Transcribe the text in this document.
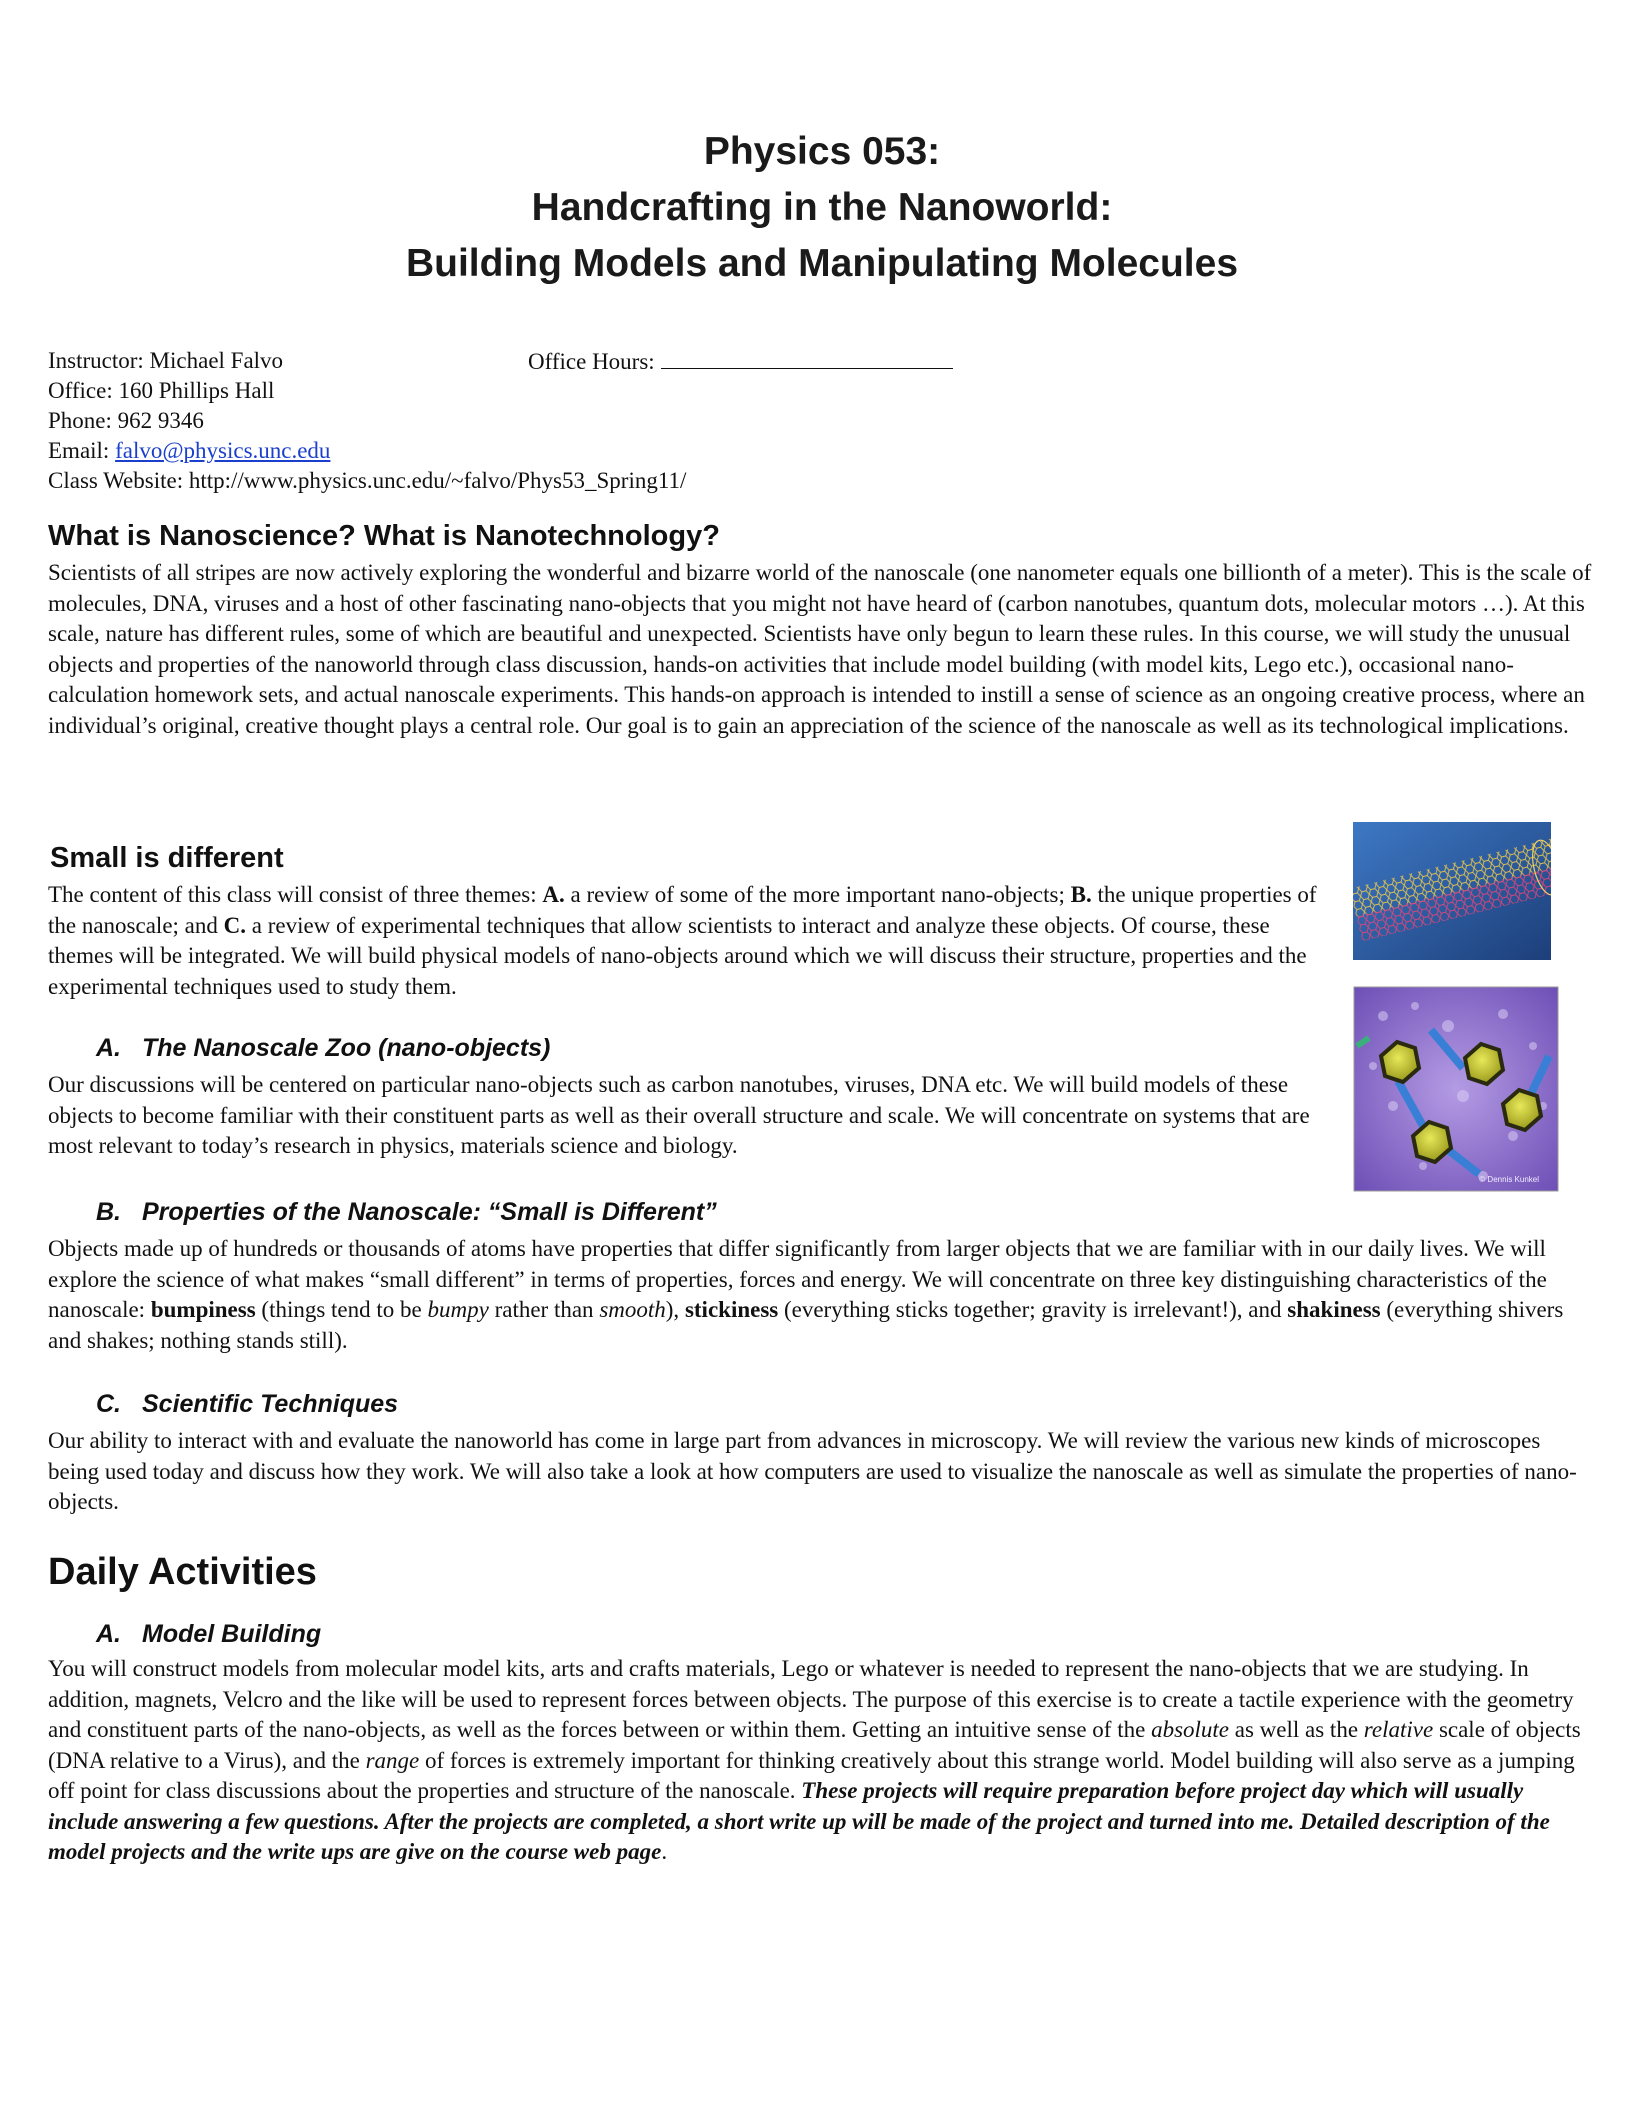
Physics 053:
Handcrafting in the Nanoworld:
Building Models and Manipulating Molecules
Instructor: Michael Falvo	Office Hours:
Office: 160 Phillips Hall
Phone: 962 9346
Email: falvo@physics.unc.edu
Class Website: http://www.physics.unc.edu/~falvo/Phys53_Spring11/
What is Nanoscience? What is Nanotechnology?

Scientists of all stripes are now actively exploring the wonderful and bizarre world of the nanoscale (one nanometer equals one billionth of a meter). This is the scale of molecules, DNA, viruses and a host of other fascinating nano-objects that you might not have heard of (carbon nanotubes, quantum dots, molecular motors …). At this scale, nature has different rules, some of which are beautiful and unexpected. Scientists have only begun to learn these rules. In this course, we will study the unusual objects and properties of the nanoworld through class discussion, hands-on activities that include model building (with model kits, Lego etc.), occasional nano-calculation homework sets, and actual nanoscale experiments. This hands-on approach is intended to instill a sense of science as an ongoing creative process, where an individual’s original, creative thought plays a central role. Our goal is to gain an appreciation of the science of the nanoscale as well as its technological implications.

Small is different

The content of this class will consist of three themes: A. a review of some of the more important nano-objects; B. the unique properties of the nanoscale; and C. a review of experimental techniques that allow scientists to interact and analyze these objects. Of course, these themes will be integrated. We will build physical models of nano-objects around which we will discuss their structure, properties and the experimental techniques used to study them.

A. The Nanoscale Zoo (nano-objects)

Our discussions will be centered on particular nano-objects such as carbon nanotubes, viruses, DNA etc. We will build models of these objects to become familiar with their constituent parts as well as their overall structure and scale. We will concentrate on systems that are most relevant to today’s research in physics, materials science and biology.

B. Properties of the Nanoscale: “Small is Different”

Objects made up of hundreds or thousands of atoms have properties that differ significantly from larger objects that we are familiar with in our daily lives. We will explore the science of what makes “small different” in terms of properties, forces and energy. We will concentrate on three key distinguishing characteristics of the nanoscale: bumpiness (things tend to be bumpy rather than smooth), stickiness (everything sticks together; gravity is irrelevant!), and shakiness (everything shivers and shakes; nothing stands still).

C. Scientific Techniques

Our ability to interact with and evaluate the nanoworld has come in large part from advances in microscopy. We will review the various new kinds of microscopes being used today and discuss how they work. We will also take a look at how computers are used to visualize the nanoscale as well as simulate the properties of nano-objects.

Daily Activities
A. Model Building

You will construct models from molecular model kits, arts and crafts materials, Lego or whatever is needed to represent the nano-objects that we are studying. In addition, magnets, Velcro and the like will be used to represent forces between objects. The purpose of this exercise is to create a tactile experience with the geometry and constituent parts of the nano-objects, as well as the forces between or within them. Getting an intuitive sense of the absolute as well as the relative scale of objects (DNA relative to a Virus), and the range of forces is extremely important for thinking creatively about this strange world. Model building will also serve as a jumping off point for class discussions about the properties and structure of the nanoscale. These projects will require preparation before project day which will usually include answering a few questions. After the projects are completed, a short write up will be made of the project and turned into me. Detailed description of the model projects and the write ups are give on the course web page.

© Dennis Kunkel
